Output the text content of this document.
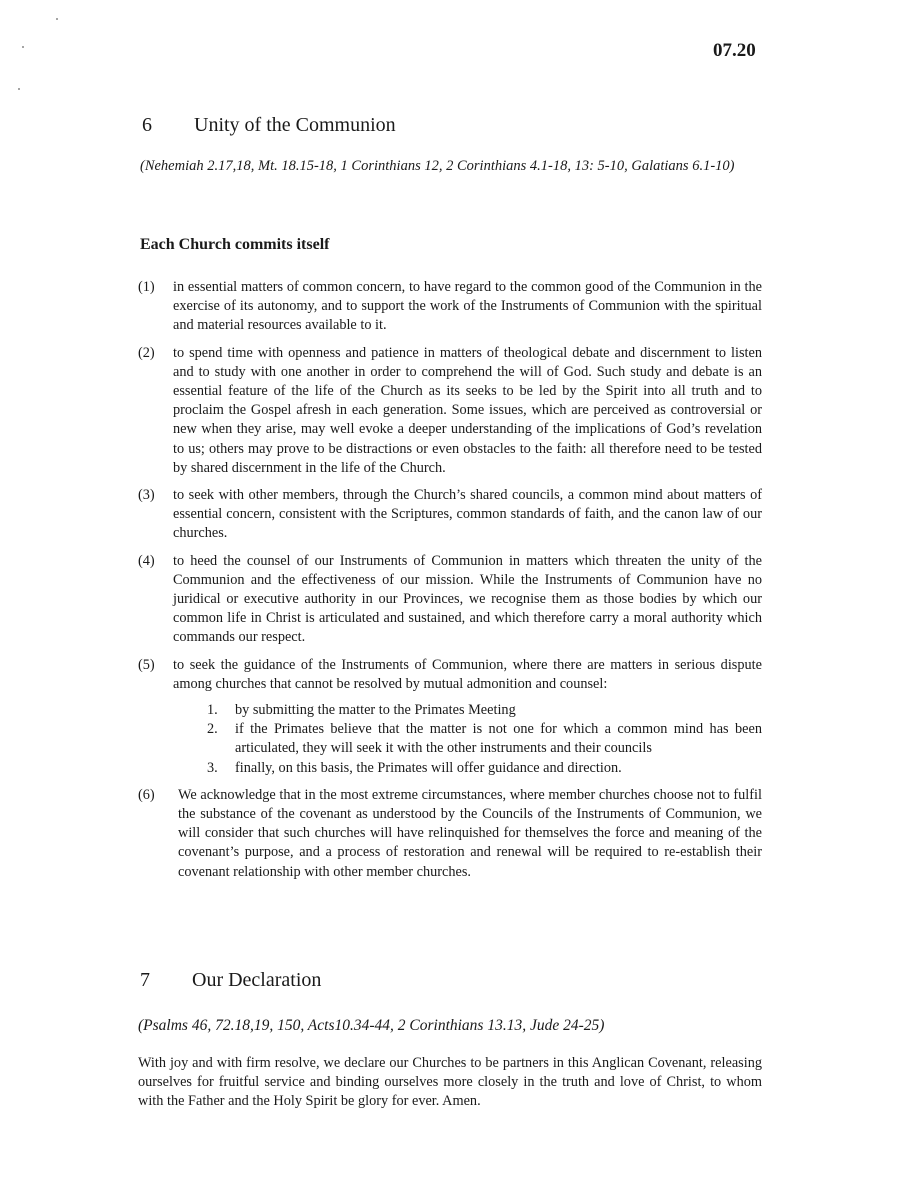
07.20
6 Unity of the Communion
(Nehemiah 2.17,18, Mt. 18.15-18, 1 Corinthians 12, 2 Corinthians 4.1-18, 13: 5-10, Galatians 6.1-10)
Each Church commits itself
(1)	in essential matters of common concern, to have regard to the common good of the Communion in the exercise of its autonomy, and to support the work of the Instruments of Communion with the spiritual and material resources available to it.
(2)	to spend time with openness and patience in matters of theological debate and discernment to listen and to study with one another in order to comprehend the will of God. Such study and debate is an essential feature of the life of the Church as its seeks to be led by the Spirit into all truth and to proclaim the Gospel afresh in each generation. Some issues, which are perceived as controversial or new when they arise, may well evoke a deeper understanding of the implications of God’s revelation to us; others may prove to be distractions or even obstacles to the faith: all therefore need to be tested by shared discernment in the life of the Church.
(3)	to seek with other members, through the Church’s shared councils, a common mind about matters of essential concern, consistent with the Scriptures, common standards of faith, and the canon law of our churches.
(4)	to heed the counsel of our Instruments of Communion in matters which threaten the unity of the Communion and the effectiveness of our mission. While the Instruments of Communion have no juridical or executive authority in our Provinces, we recognise them as those bodies by which our common life in Christ is articulated and sustained, and which therefore carry a moral authority which commands our respect.
(5)	to seek the guidance of the Instruments of Communion, where there are matters in serious dispute among churches that cannot be resolved by mutual admonition and counsel:
1.	by submitting the matter to the Primates Meeting
2.	if the Primates believe that the matter is not one for which a common mind has been articulated, they will seek it with the other instruments and their councils
3.	finally, on this basis, the Primates will offer guidance and direction.
(6)	We acknowledge that in the most extreme circumstances, where member churches choose not to fulfil the substance of the covenant as understood by the Councils of the Instruments of Communion, we will consider that such churches will have relinquished for themselves the force and meaning of the covenant’s purpose, and a process of restoration and renewal will be required to re-establish their covenant relationship with other member churches.
7 Our Declaration
(Psalms 46, 72.18,19, 150, Acts10.34-44, 2 Corinthians 13.13, Jude 24-25)
With joy and with firm resolve, we declare our Churches to be partners in this Anglican Covenant, releasing ourselves for fruitful service and binding ourselves more closely in the truth and love of Christ, to whom with the Father and the Holy Spirit be glory for ever. Amen.
